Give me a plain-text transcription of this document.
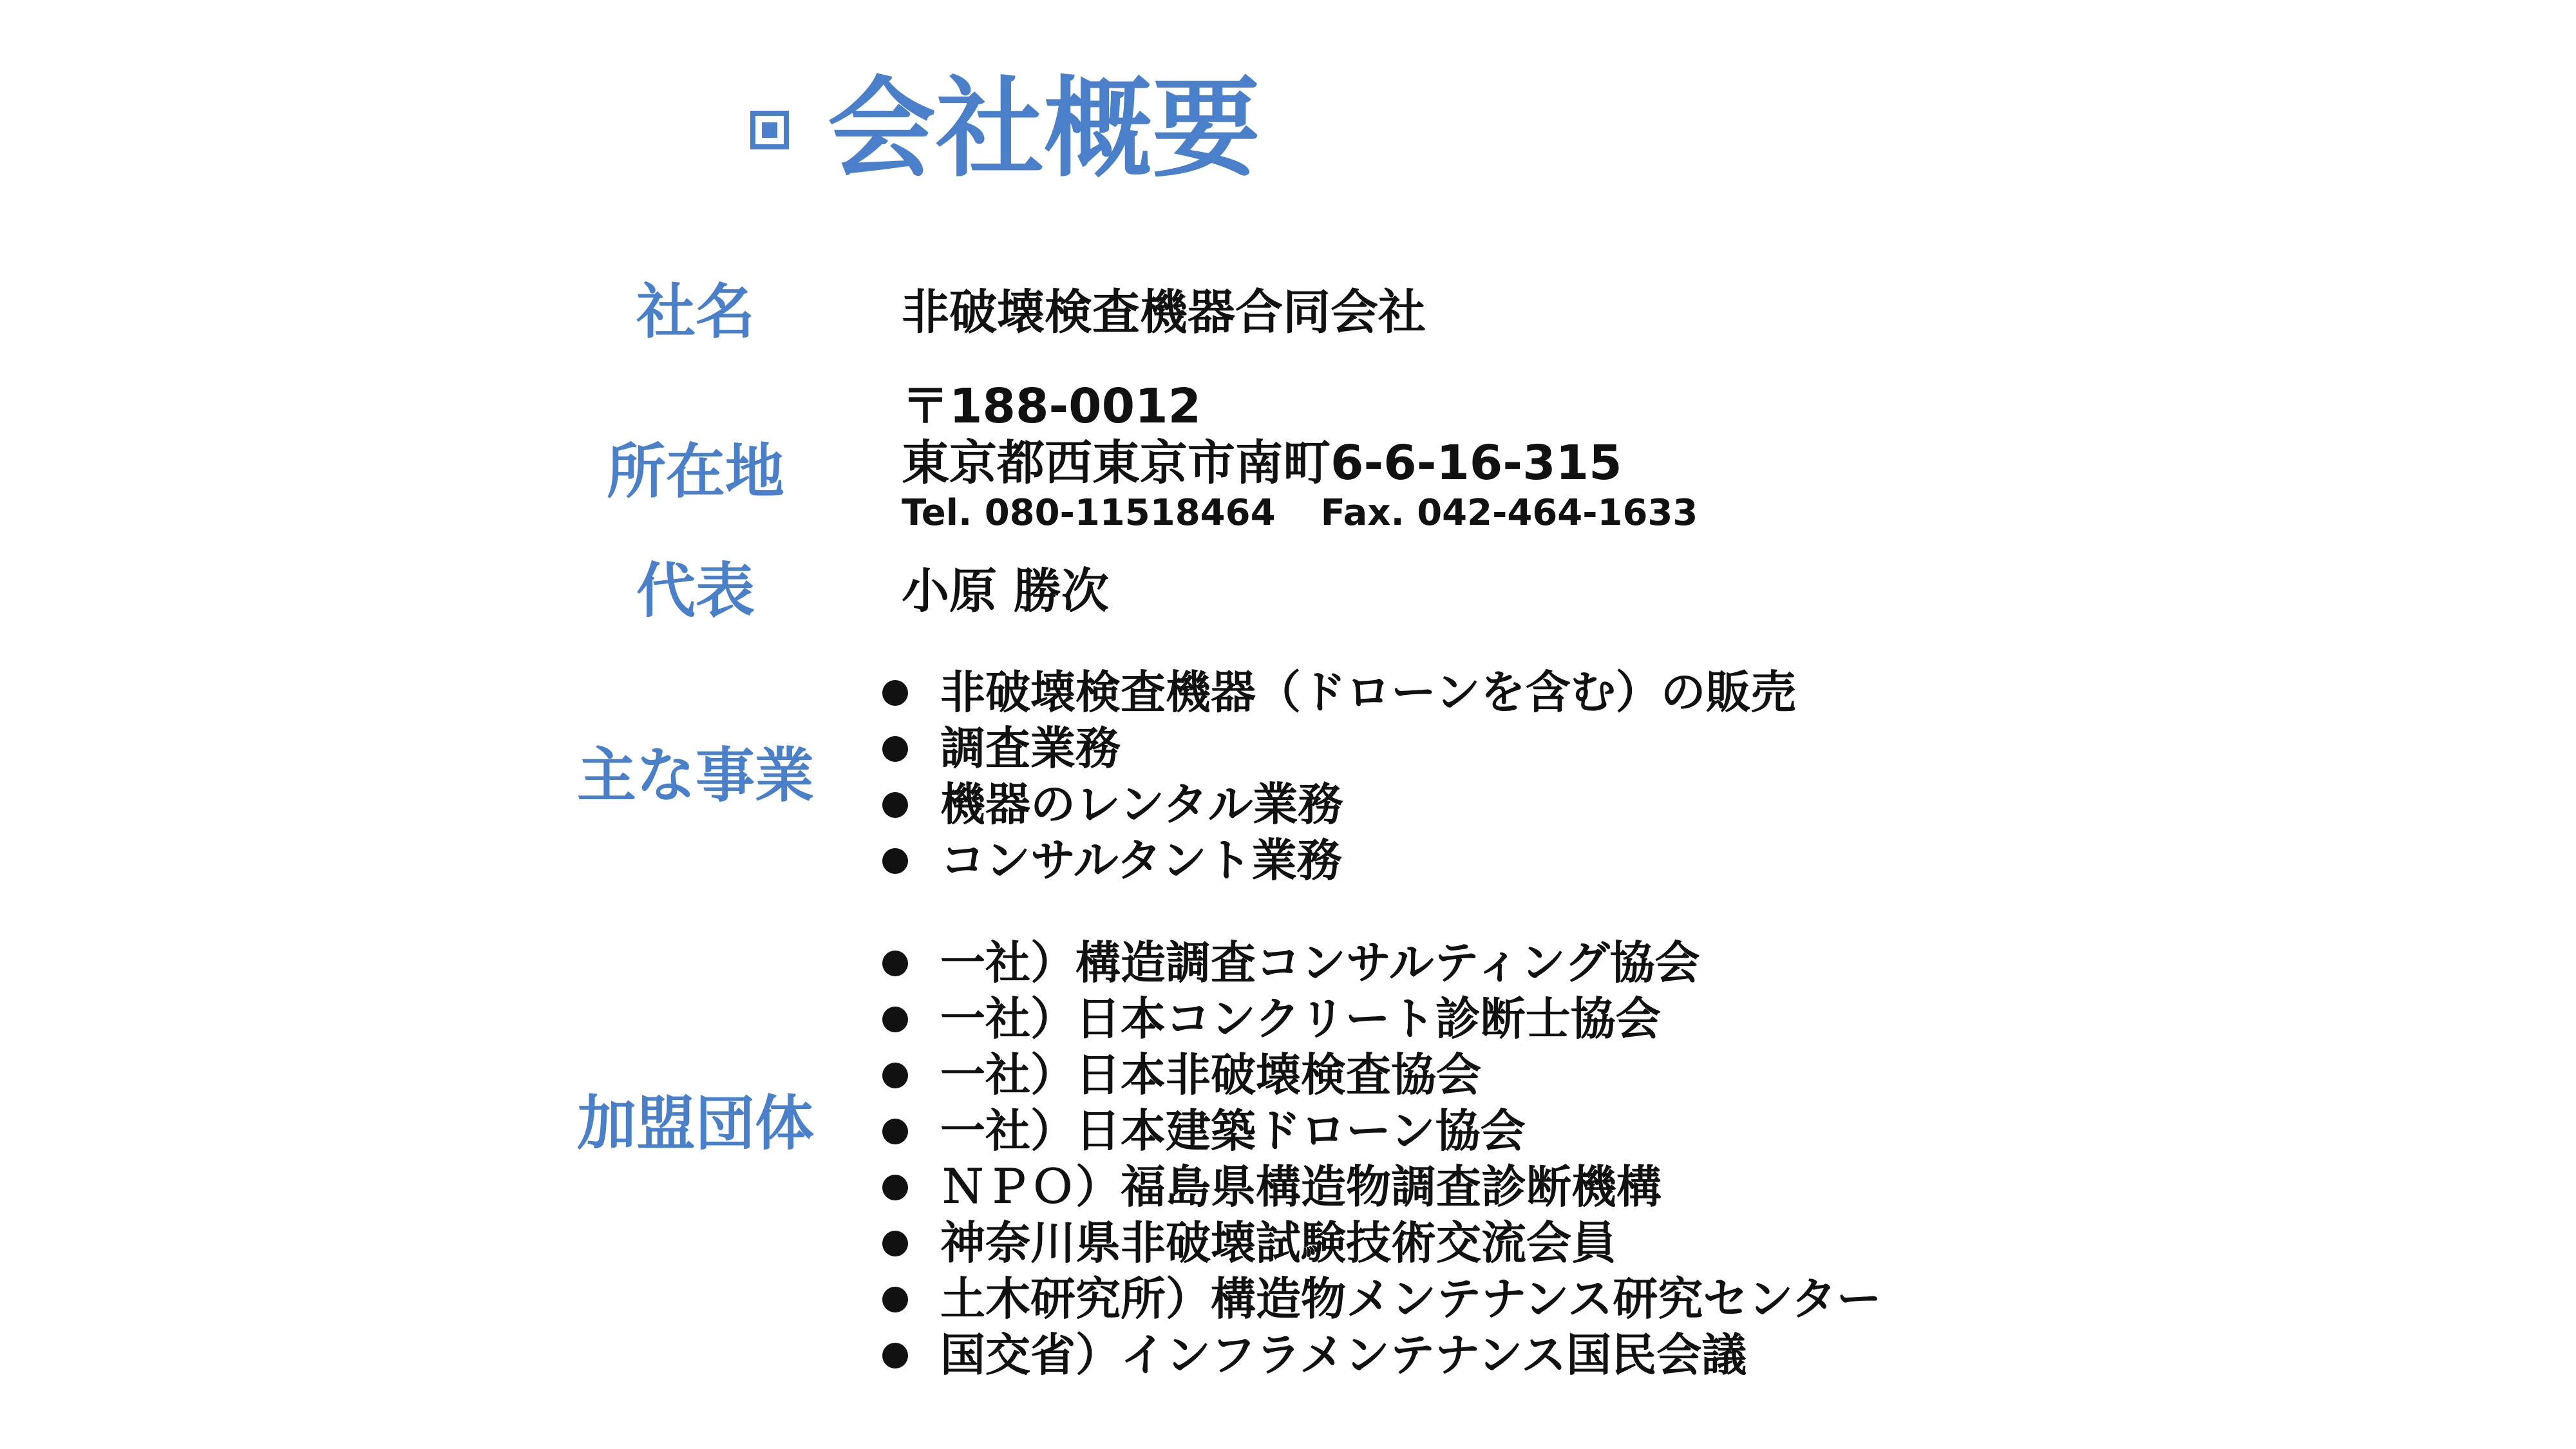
会社概要
社名	非破壊検査機器合同会社
所在地
〒188-0012
東京都西東京市南町6-6-16-315
Tel. 080-11518464 Fax. 042-464-1633
代表	小原 勝次
主な事業
非破壊検査機器（ドローンを含む）の販売
調査業務
機器のレンタル業務
コンサルタント業務
加盟団体
一社）構造調査コンサルティング協会
一社）日本コンクリート診断士協会
一社）日本非破壊検査協会
一社）日本建築ドローン協会
ＮＰＯ）福島県構造物調査診断機構
神奈川県非破壊試験技術交流会員
土木研究所）構造物メンテナンス研究センター
国交省）インフラメンテナンス国民会議
